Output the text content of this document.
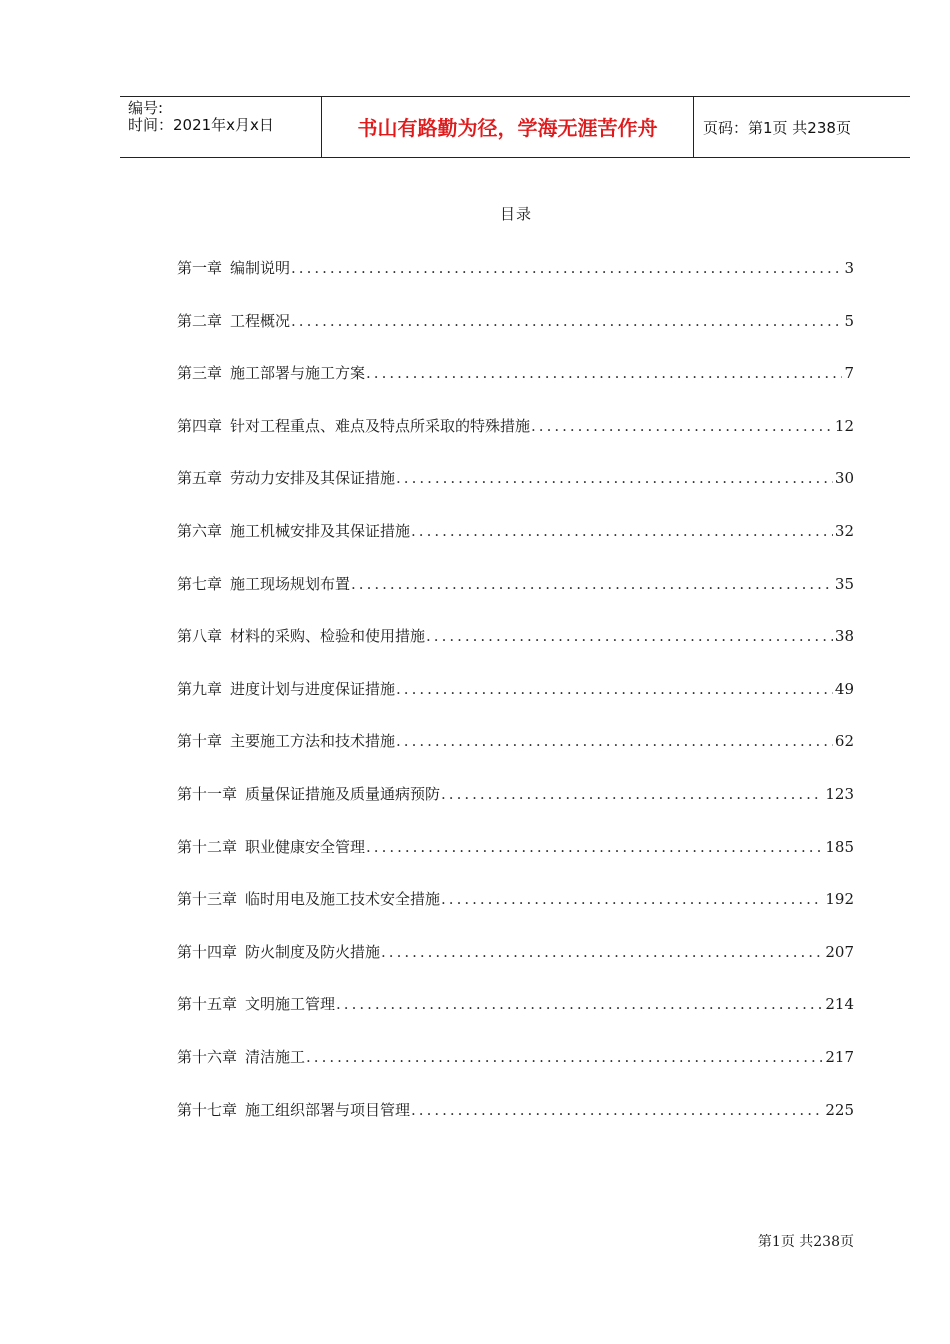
编号:
时间：2021年x月x日	书山有路勤为径，学海无涯苦作舟	页码：第1页 共238页
目录
第一章 编制说明 .....	3
第二章 工程概况 .....	5
第三章 施工部署与施工方案 .....	7
第四章 针对工程重点、难点及特点所采取的特殊措施 .....	12
第五章 劳动力安排及其保证措施 .....	30
第六章 施工机械安排及其保证措施 .....	32
第七章 施工现场规划布置 .....	35
第八章 材料的采购、检验和使用措施 .....	38
第九章 进度计划与进度保证措施 .....	49
第十章 主要施工方法和技术措施 .....	62
第十一章 质量保证措施及质量通病预防 .....	123
第十二章 职业健康安全管理 .....	185
第十三章 临时用电及施工技术安全措施 .....	192
第十四章 防火制度及防火措施 .....	207
第十五章 文明施工管理 .....	214
第十六章 清洁施工 .....	217
第十七章 施工组织部署与项目管理 .....	225
第1页 共238页
